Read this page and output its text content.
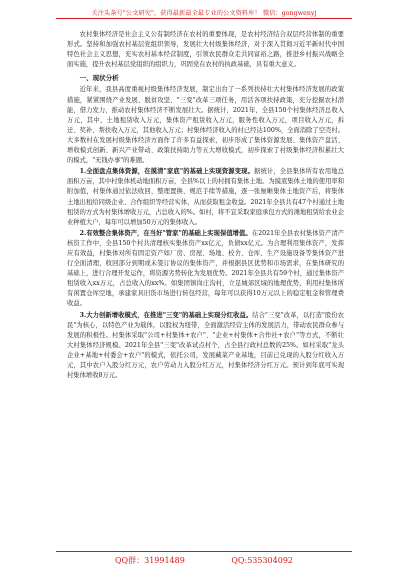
关注头条号"公文研究"，获得最新最全最专业的公文资料库！ 微信：gongwenyj

农村集体经济是社会主义公有制经济在农村的重要体现，是农村经济结合双层经营体制的重要形式。坚持和加强农村基层党组织领导，发展壮大村级集体经济，对于深入贯彻习近平新时代中国特色社会主义思想，充实农村基本经营制度，引领农民群众走共同富裕之路，推进乡村振兴战略全面实施，提升农村基层党组织的组织力，巩固党在农村的执政基础，具有重大意义。

一、现状分析

近年来，我县高度重视村级集体经济发展，制定出台了一系列扶持壮大村集体经济发展的政策措施，紧紧围绕产业发展、脱贫攻坚、"三变"改革三项任务，用活各项扶持政策，充分挖掘农村潜能，借力发力，推动农村集体经济不断发展壮大。据统计，2021年，全县150个村集体经济总收入万元，其中，土地租赁收入万元，集体资产租赁收入万元，服务性收入万元，项目收入万元，拆迁、奖补、帮扶收入万元，其他收入万元；村集体经济收入的村已经达100%，全面消除了空壳村。大多数村在发展村级集体经济方面作了许多有益探索，初步形成了集体资源发展、集体资产盘活、增收模式创新、新兴产业带动、政策扶持助力等五大增收模式，初步探索了村级集体经济积累壮大的模式，"无钱办事"的难题。

1.全面盘点集体资源，在摸清"家底"的基础上实现资源变现。据统计，全县集体所有农用地总面积万亩，其中村集体机动地面积万亩，全县%以上的村拥有集体土地。为摸底集体土地的使用率和附加值，村集体通过依法收回、整理置换、规范手续等措施，逐一张厘晰集体土地资产后，将集体土地出租给同级企业、合作组织等经营实体，从而获取租金收益。2021年全县共有47个村通过土地租赁的方式为村集体增收万元，占总收入的%。如村，将不宜采取家庭承包方式的滩地租赁给农业企业种植大户，每年可以增加50万元的集体收入。

2.有效整合集体资产，在当好"管家"的基础上实现保值增值。在2021年全县农村集体资产清产核资工作中，全县150个村共清理核实集体资产xx亿元，负债xx亿元。为合理利用集体资产，发挥应有效益，村集体对所有固定资产如厂房、房屋、场地、校舍、仓库、生产设施设备等集体资产进行全面清理，收回部分到期或未签订协议的集体资产，并根据县区优势和市场需求，在集体研究的基础上，进行合理开发运作，将资源劣势转化为发展优势。2021年全县共有59个村，通过集体资产租赁收入xx万元，占总收入的xx%。如集团镇岗庄沟村，立足城郊区域的地理优势，利用村集体所有闲置仓库空地，承建家具旧货市场进行转包经营，每年可以获得10万元以上的稳定租金和管理费收益。

3.大力创新增收模式，在推进"三变"的基础上实现分红收益。结合"三变"改革，以打造"股份农民"为核心，以特色产业为载体，以股权为纽带，全面激活经营主体的发展活力，带动农民群众参与发展的积极性。村集体采取"公司+村集体+农户"、"企业+村集体+合作社+农户"等方式，不断壮大村集体经济规模。2021年全县"三变"改革试点村个，占全县行政村总数的25%。如村采取"龙头企业+基地+村委会+农户"的模式，依托公司，发展藏菜产业基地，目前已兑现的入股分红收入万元，其中农户入股分红万元，农户劳动力入股分红万元，村集体经济分红万元。预计到年底可实现村集体增收8万元。

QQ群：31991489	QQ:535304092
